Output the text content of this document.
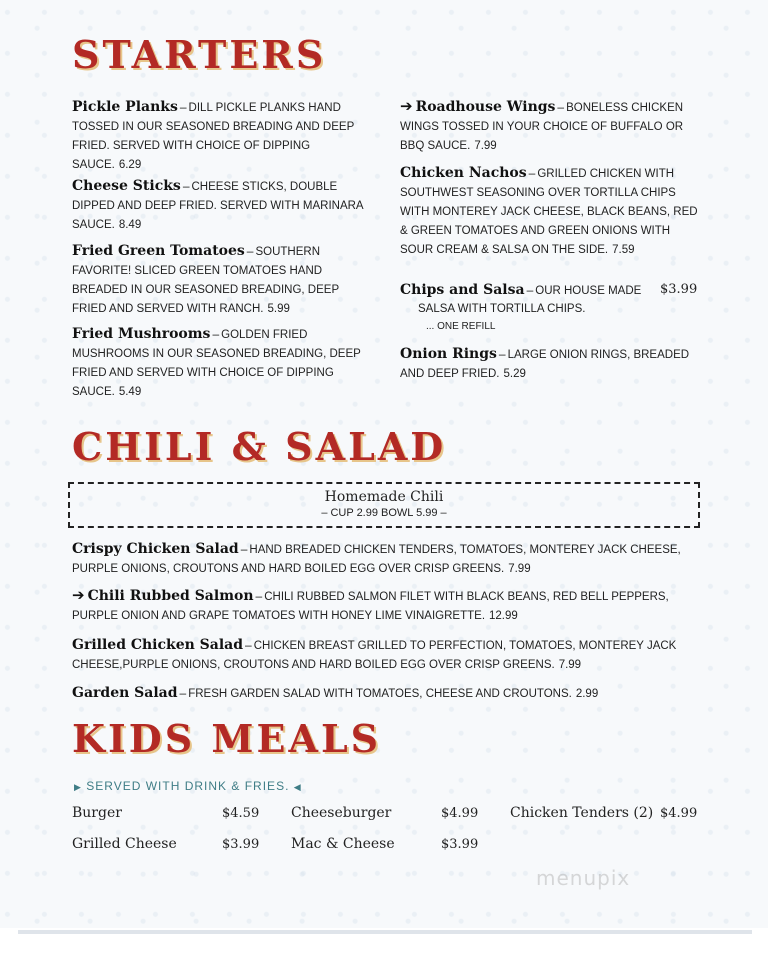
STARTERS
Pickle Planks – DILL PICKLE PLANKS HAND TOSSED IN OUR SEASONED BREADING AND DEEP FRIED. SERVED WITH CHOICE OF DIPPING SAUCE. 6.29
Cheese Sticks – CHEESE STICKS, DOUBLE DIPPED AND DEEP FRIED. SERVED WITH MARINARA SAUCE. 8.49
Fried Green Tomatoes – SOUTHERN FAVORITE! SLICED GREEN TOMATOES HAND BREADED IN OUR SEASONED BREADING, DEEP FRIED AND SERVED WITH RANCH. 5.99
Fried Mushrooms – GOLDEN FRIED MUSHROOMS IN OUR SEASONED BREADING, DEEP FRIED AND SERVED WITH CHOICE OF DIPPING SAUCE. 5.49
➔ Roadhouse Wings – BONELESS CHICKEN WINGS TOSSED IN YOUR CHOICE OF BUFFALO OR BBQ SAUCE. 7.99
Chicken Nachos – GRILLED CHICKEN WITH SOUTHWEST SEASONING OVER TORTILLA CHIPS WITH MONTEREY JACK CHEESE, BLACK BEANS, RED & GREEN TOMATOES AND GREEN ONIONS WITH SOUR CREAM & SALSA ON THE SIDE. 7.59
Chips and Salsa – OUR HOUSE MADE $3.99
SALSA WITH TORTILLA CHIPS.
... ONE REFILL
Onion Rings – LARGE ONION RINGS, BREADED AND DEEP FRIED. 5.29
CHILI & SALAD
Homemade Chili
– CUP 2.99 BOWL 5.99 –
Crispy Chicken Salad – HAND BREADED CHICKEN TENDERS, TOMATOES, MONTEREY JACK CHEESE, PURPLE ONIONS, CROUTONS AND HARD BOILED EGG OVER CRISP GREENS. 7.99
➔ Chili Rubbed Salmon – CHILI RUBBED SALMON FILET WITH BLACK BEANS, RED BELL PEPPERS, PURPLE ONION AND GRAPE TOMATOES WITH HONEY LIME VINAIGRETTE. 12.99
Grilled Chicken Salad – CHICKEN BREAST GRILLED TO PERFECTION, TOMATOES, MONTEREY JACK CHEESE,PURPLE ONIONS, CROUTONS AND HARD BOILED EGG OVER CRISP GREENS. 7.99
Garden Salad – FRESH GARDEN SALAD WITH TOMATOES, CHEESE AND CROUTONS. 2.99
KIDS MEALS
▶ SERVED WITH DRINK & FRIES. ◀
Burger	$4.59 Cheeseburger	$4.99 Chicken Tenders (2) $4.99
Grilled Cheese	$3.99 Mac & Cheese	$3.99
menupix
